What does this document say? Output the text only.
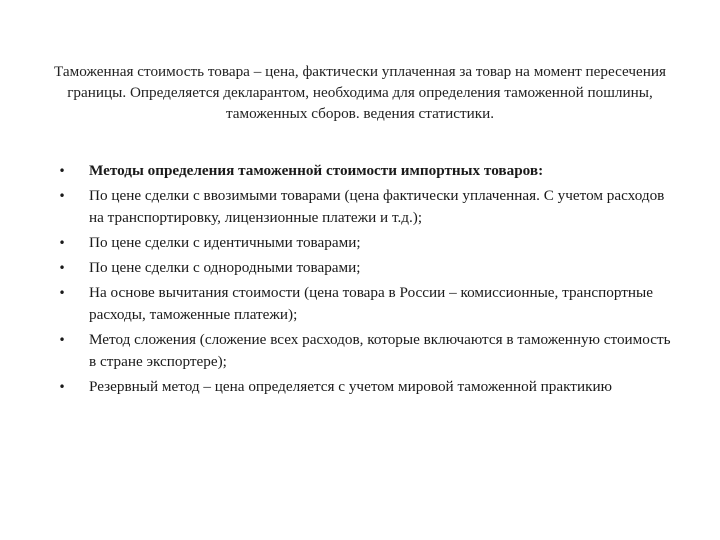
Таможенная стоимость товара – цена, фактически уплаченная за товар на момент пересечения границы. Определяется декларантом, необходима для определения таможенной пошлины, таможенных сборов. ведения статистики.
• Методы определения таможенной стоимости импортных товаров:
• По цене сделки с ввозимыми товарами (цена фактически уплаченная. С учетом расходов на транспортировку, лицензионные платежи и т.д.);
• По цене сделки с идентичными товарами;
• По цене сделки с однородными товарами;
• На основе вычитания стоимости (цена товара в России – комиссионные, транспортные расходы, таможенные платежи);
• Метод сложения (сложение всех расходов, которые включаются в таможенную стоимость в стране экспортере);
• Резервный метод – цена определяется с учетом мировой таможенной практикию
